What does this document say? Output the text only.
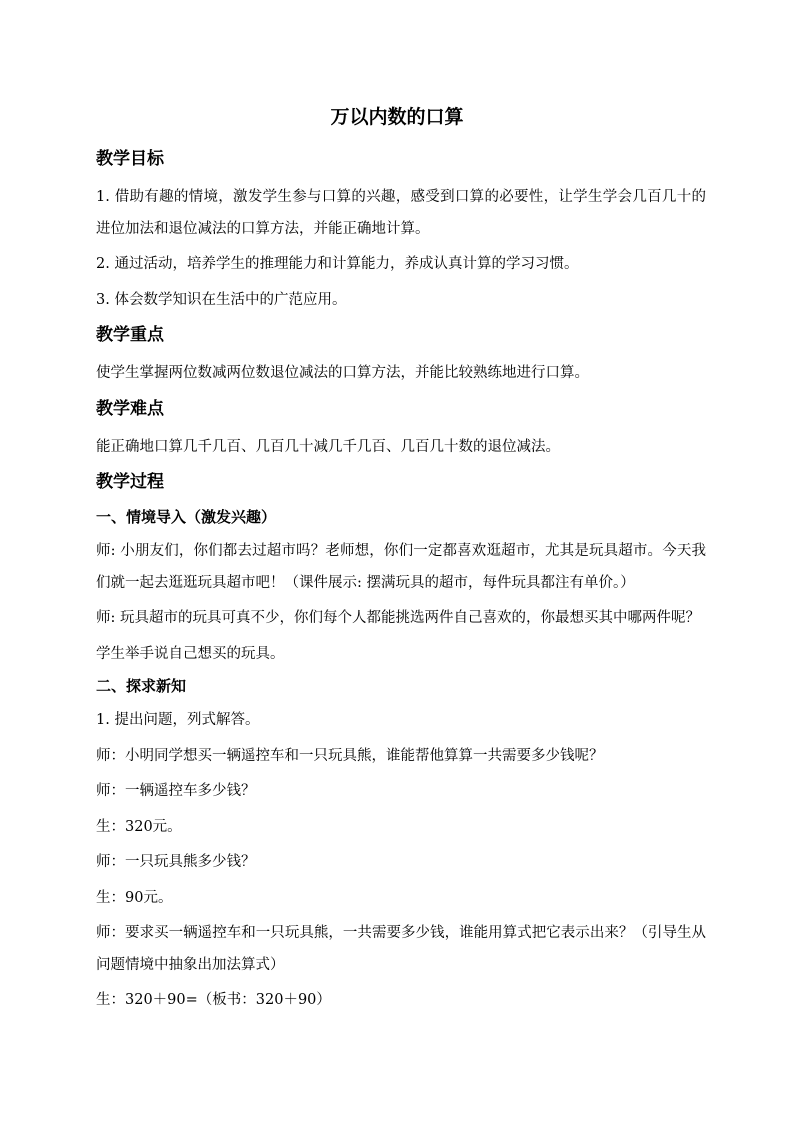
万以内数的口算
教学目标
1. 借助有趣的情境，激发学生参与口算的兴趣，感受到口算的必要性，让学生学会几百几十的进位加法和退位减法的口算方法，并能正确地计算。
2. 通过活动，培养学生的推理能力和计算能力，养成认真计算的学习习惯。
3. 体会数学知识在生活中的广范应用。
教学重点
使学生掌握两位数减两位数退位减法的口算方法，并能比较熟练地进行口算。
教学难点
能正确地口算几千几百、几百几十减几千几百、几百几十数的退位减法。
教学过程
一、情境导入（激发兴趣）
师: 小朋友们，你们都去过超市吗？老师想，你们一定都喜欢逛超市，尤其是玩具超市。今天我们就一起去逛逛玩具超市吧！（课件展示: 摆满玩具的超市，每件玩具都注有单价。）
师: 玩具超市的玩具可真不少，你们每个人都能挑选两件自己喜欢的，你最想买其中哪两件呢？
学生举手说自己想买的玩具。
二、探求新知
1. 提出问题，列式解答。
师：小明同学想买一辆遥控车和一只玩具熊，谁能帮他算算一共需要多少钱呢？
师：一辆遥控车多少钱？
生：320元。
师：一只玩具熊多少钱？
生：90元。
师：要求买一辆遥控车和一只玩具熊，一共需要多少钱，谁能用算式把它表示出来？（引导生从问题情境中抽象出加法算式）
生：320＋90=（板书：320＋90）
